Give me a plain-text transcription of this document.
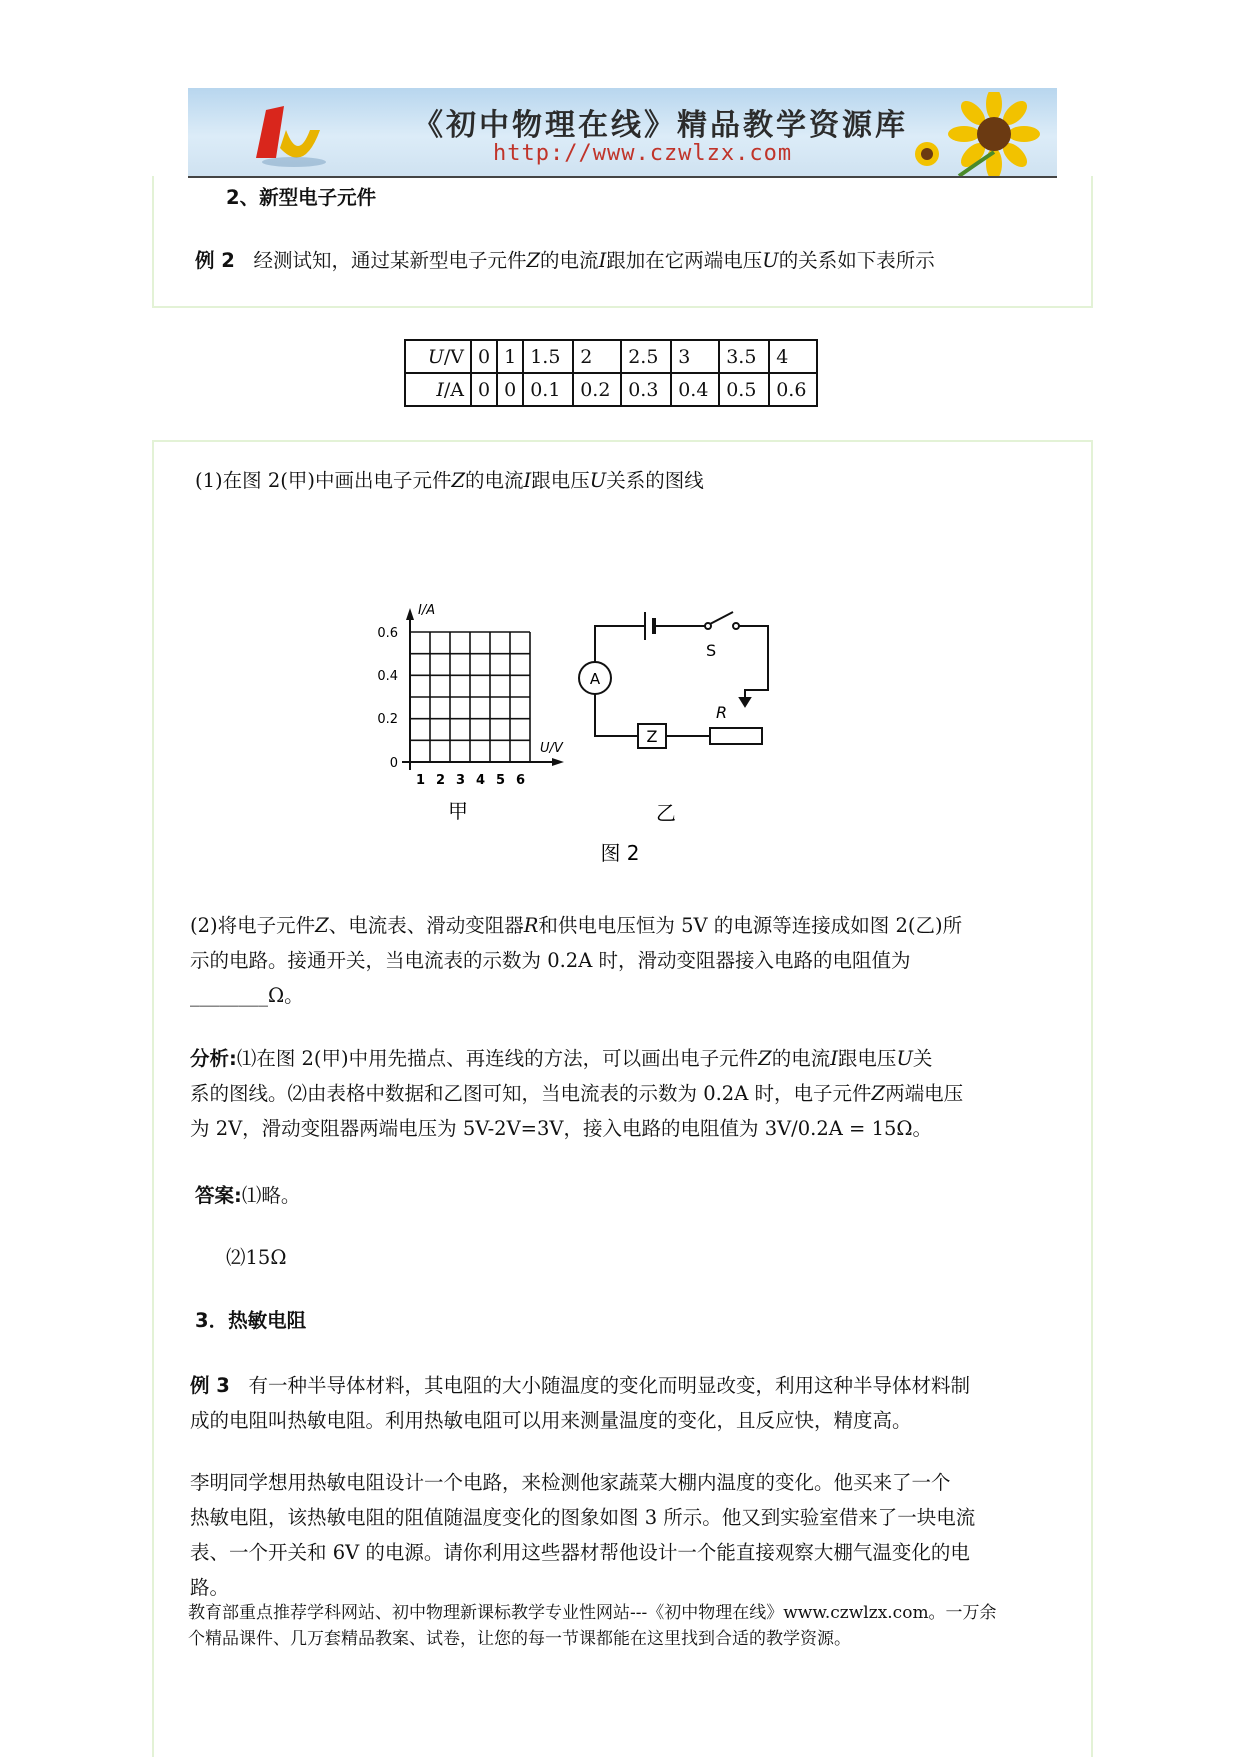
《初中物理在线》精品教学资源库
http://www.czwlzx.com
2、新型电子元件
例 2 经测试知，通过某新型电子元件Z的电流I跟加在它两端电压U的关系如下表所示
U/V	0	1	1.5	2	2.5	3	3.5	4
I/A	0	0	0.1	0.2	0.3	0.4	0.5	0.6
(1)在图 2(甲)中画出电子元件Z的电流I跟电压U关系的图线
I/A
U/V
0.6
0.4
0.2
0
1 2 3 4 5 6
甲
A
S
R
Z
乙
图 2
(2)将电子元件Z、电流表、滑动变阻器R和供电电压恒为 5V 的电源等连接成如图 2(乙)所
示的电路。接通开关，当电流表的示数为 0.2A 时，滑动变阻器接入电路的电阻值为
________Ω。
分析:⑴在图 2(甲)中用先描点、再连线的方法，可以画出电子元件Z的电流I跟电压U关
系的图线。⑵由表格中数据和乙图可知，当电流表的示数为 0.2A 时，电子元件Z两端电压
为 2V，滑动变阻器两端电压为 5V-2V=3V，接入电路的电阻值为 3V/0.2A = 15Ω。
答案:⑴略。
⑵15Ω
3．热敏电阻
例 3 有一种半导体材料，其电阻的大小随温度的变化而明显改变，利用这种半导体材料制
成的电阻叫热敏电阻。利用热敏电阻可以用来测量温度的变化，且反应快，精度高。
李明同学想用热敏电阻设计一个电路，来检测他家蔬菜大棚内温度的变化。他买来了一个
热敏电阻，该热敏电阻的阻值随温度变化的图象如图 3 所示。他又到实验室借来了一块电流
表、一个开关和 6V 的电源。请你利用这些器材帮他设计一个能直接观察大棚气温变化的电
路。
教育部重点推荐学科网站、初中物理新课标教学专业性网站---《初中物理在线》www.czwlzx.com。一万余
个精品课件、几万套精品教案、试卷，让您的每一节课都能在这里找到合适的教学资源。
